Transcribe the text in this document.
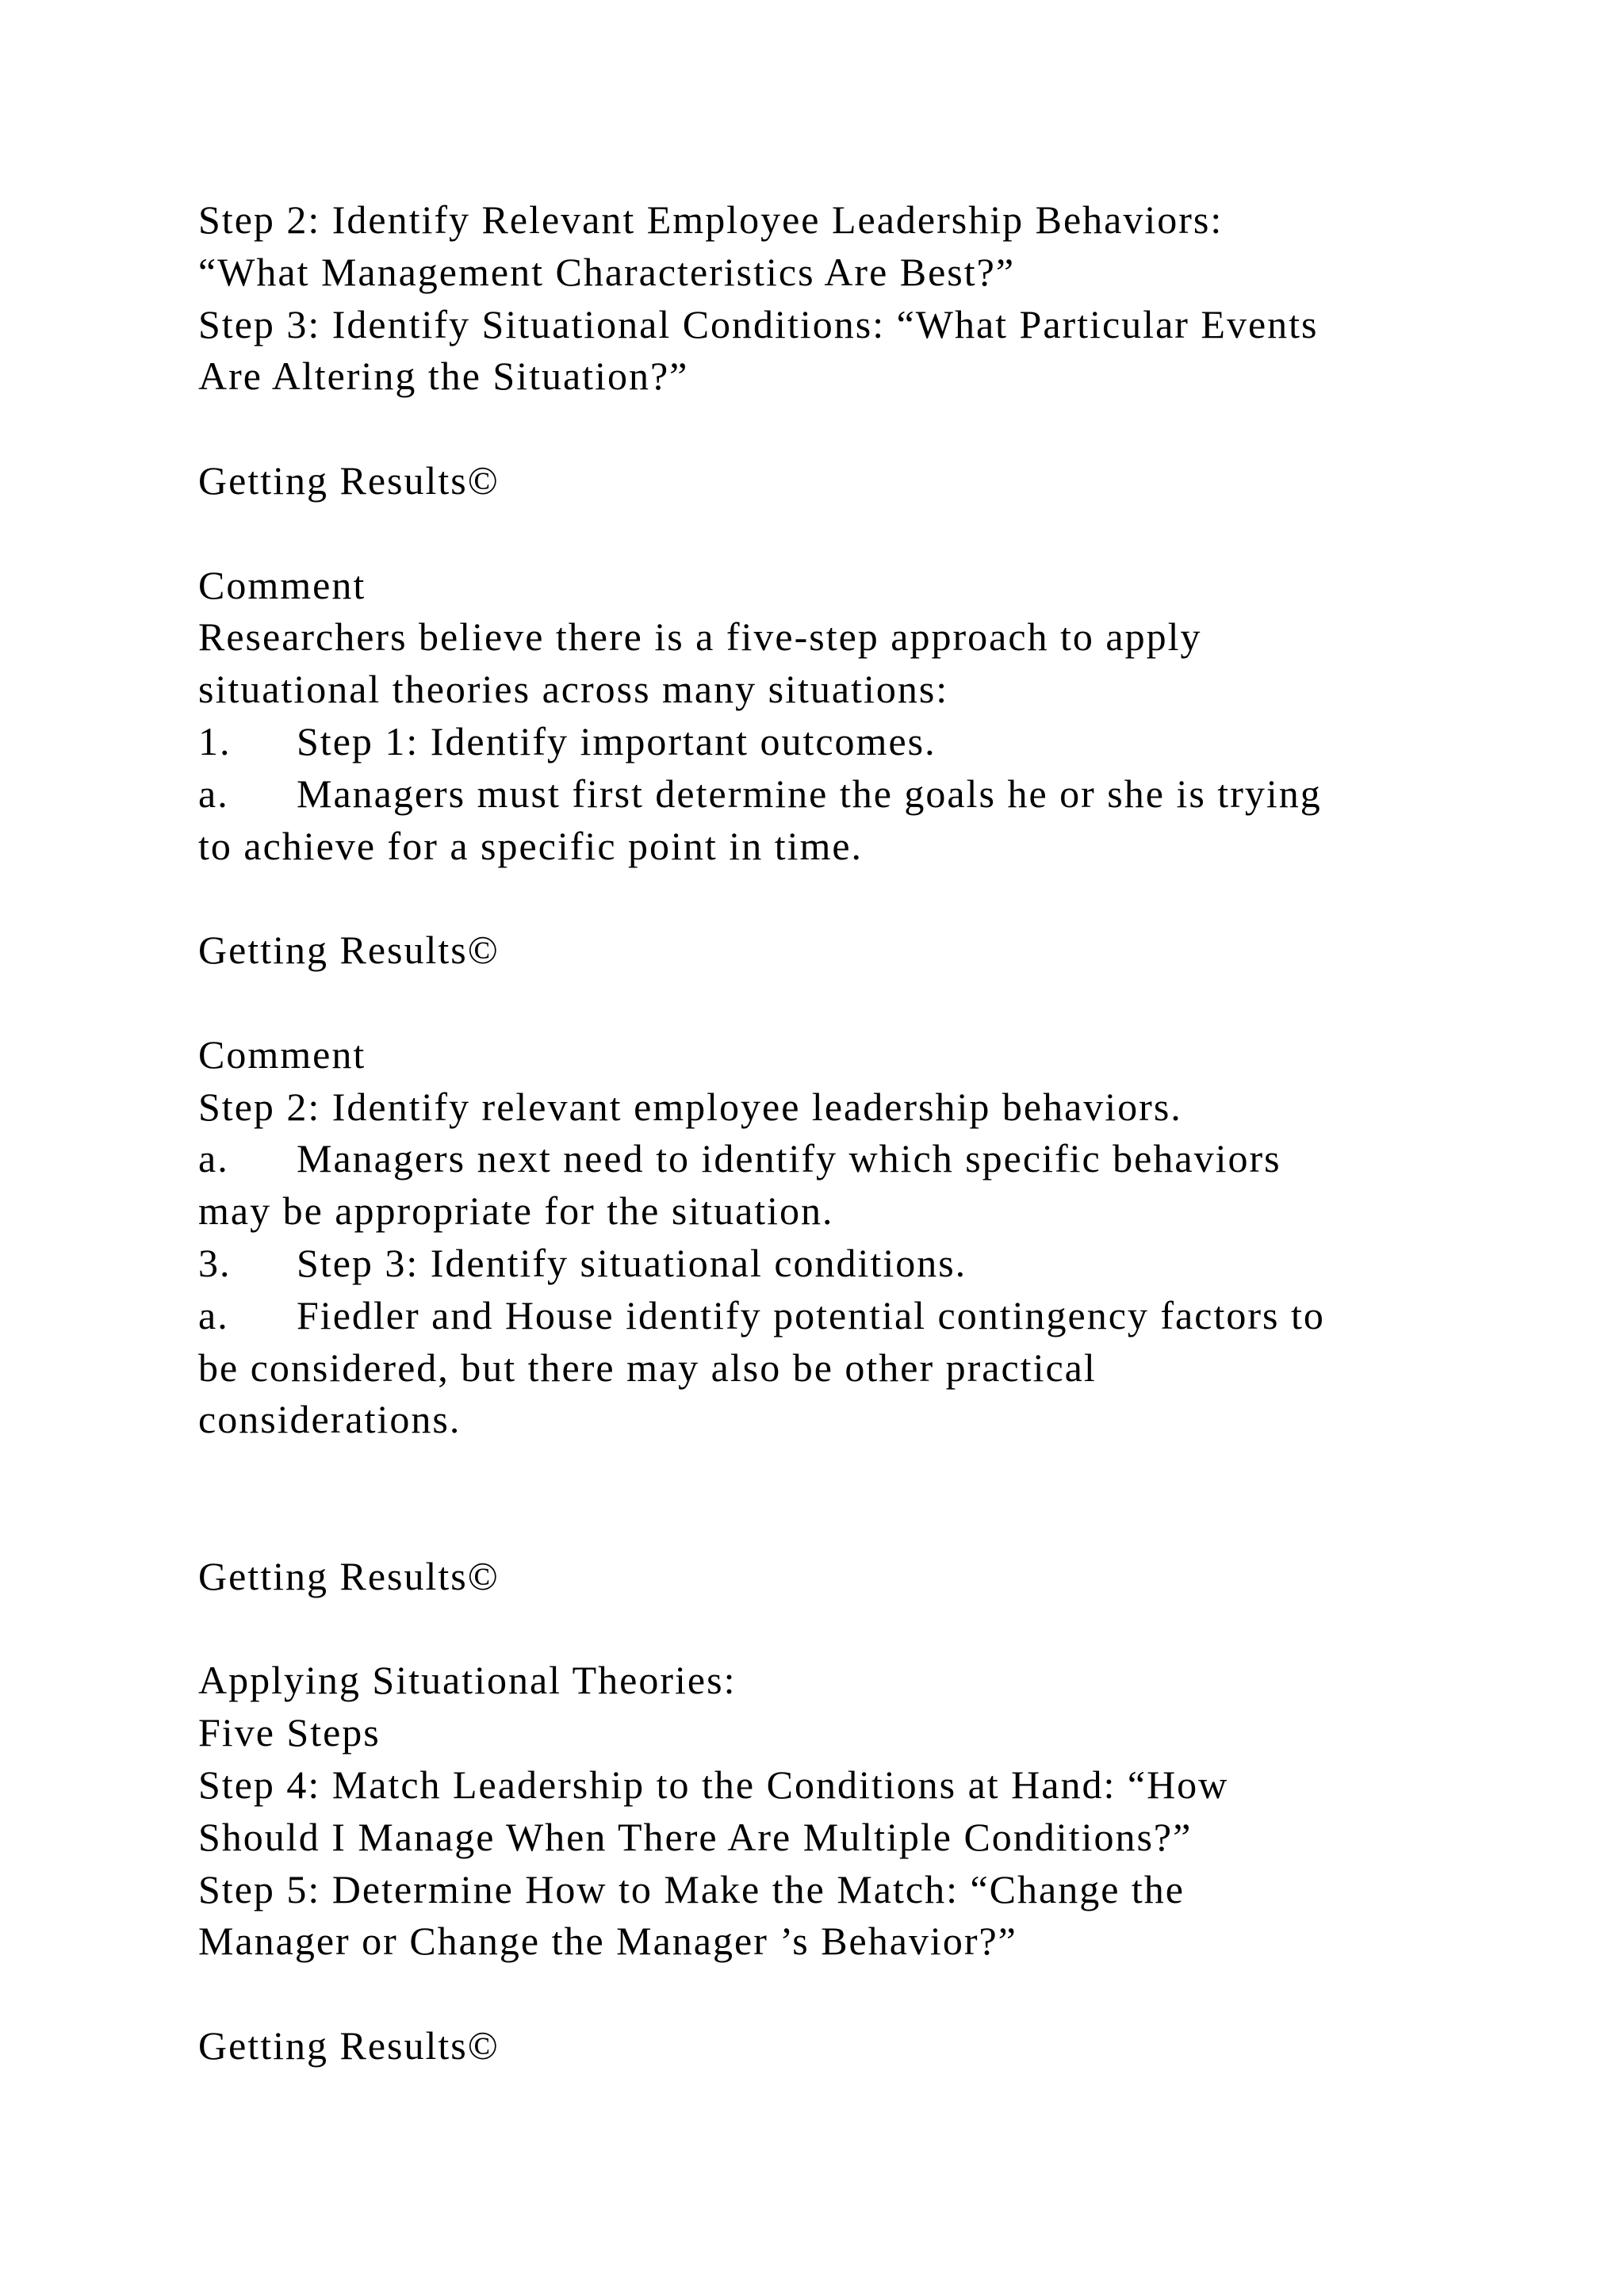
Step 2: Identify Relevant Employee Leadership Behaviors:
“What Management Characteristics Are Best?”
Step 3: Identify Situational Conditions: “What Particular Events
Are Altering the Situation?”
Getting Results©
Comment
Researchers believe there is a five-step approach to apply
situational theories across many situations:
1. Step 1: Identify important outcomes.
a. Managers must first determine the goals he or she is trying
to achieve for a specific point in time.
Getting Results©
Comment
Step 2: Identify relevant employee leadership behaviors.
a. Managers next need to identify which specific behaviors
may be appropriate for the situation.
3. Step 3: Identify situational conditions.
a. Fiedler and House identify potential contingency factors to
be considered, but there may also be other practical
considerations.
Getting Results©
Applying Situational Theories:
Five Steps
Step 4: Match Leadership to the Conditions at Hand: “How
Should I Manage When There Are Multiple Conditions?”
Step 5: Determine How to Make the Match: “Change the
Manager or Change the Manager ’s Behavior?”
Getting Results©
